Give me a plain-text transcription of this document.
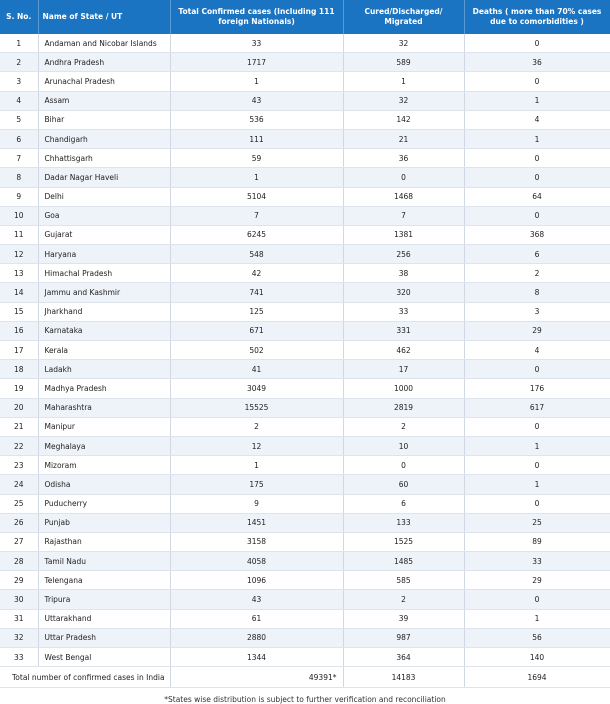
S. No.	Name of State / UT	Total Confirmed cases (Including 111 foreign Nationals)	Cured/Discharged/ Migrated	Deaths ( more than 70% cases due to comorbidities )
1	Andaman and Nicobar Islands	33	32	0
2	Andhra Pradesh	1717	589	36
3	Arunachal Pradesh	1	1	0
4	Assam	43	32	1
5	Bihar	536	142	4
6	Chandigarh	111	21	1
7	Chhattisgarh	59	36	0
8	Dadar Nagar Haveli	1	0	0
9	Delhi	5104	1468	64
10	Goa	7	7	0
11	Gujarat	6245	1381	368
12	Haryana	548	256	6
13	Himachal Pradesh	42	38	2
14	Jammu and Kashmir	741	320	8
15	Jharkhand	125	33	3
16	Karnataka	671	331	29
17	Kerala	502	462	4
18	Ladakh	41	17	0
19	Madhya Pradesh	3049	1000	176
20	Maharashtra	15525	2819	617
21	Manipur	2	2	0
22	Meghalaya	12	10	1
23	Mizoram	1	0	0
24	Odisha	175	60	1
25	Puducherry	9	6	0
26	Punjab	1451	133	25
27	Rajasthan	3158	1525	89
28	Tamil Nadu	4058	1485	33
29	Telengana	1096	585	29
30	Tripura	43	2	0
31	Uttarakhand	61	39	1
32	Uttar Pradesh	2880	987	56
33	West Bengal	1344	364	140
Total number of confirmed cases in India		49391*	14183	1694
*States wise distribution is subject to further verification and reconciliation
